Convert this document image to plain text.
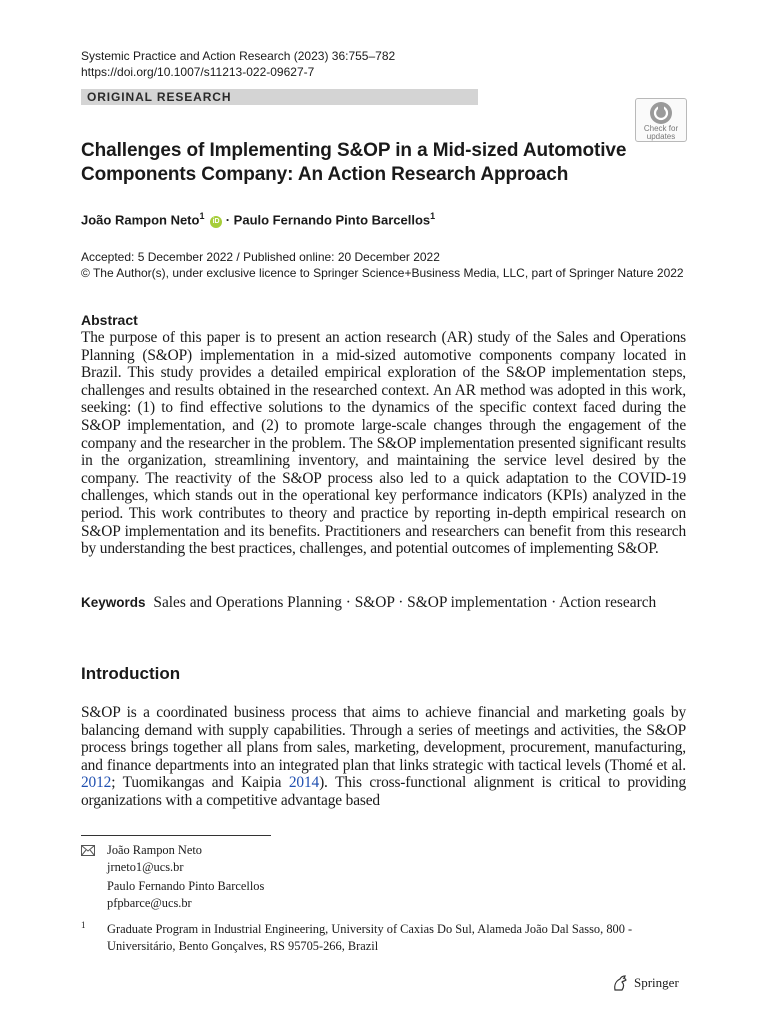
Systemic Practice and Action Research (2023) 36:755–782
https://doi.org/10.1007/s11213-022-09627-7
ORIGINAL RESEARCH
Check for
updates
Challenges of Implementing S&OP in a Mid-sized Automotive Components Company: An Action Research Approach
João Rampon Neto$^1$ iD · Paulo Fernando Pinto Barcellos$^1$
Accepted: 5 December 2022 / Published online: 20 December 2022
© The Author(s), under exclusive licence to Springer Science+Business Media, LLC, part of Springer Nature 2022
Abstract

The purpose of this paper is to present an action research (AR) study of the Sales and Operations Planning (S&OP) implementation in a mid-sized automotive components company located in Brazil. This study provides a detailed empirical exploration of the S&OP implementation steps, challenges and results obtained in the researched context. An AR method was adopted in this work, seeking: (1) to find effective solutions to the dynamics of the specific context faced during the S&OP implementation, and (2) to promote large-scale changes through the engagement of the company and the researcher in the problem. The S&OP implementation presented significant results in the organization, streamlining inventory, and maintaining the service level desired by the company. The reactivity of the S&OP process also led to a quick adaptation to the COVID-19 challenges, which stands out in the operational key performance indicators (KPIs) analyzed in the period. This work contributes to theory and practice by reporting in-depth empirical research on S&OP implementation and its benefits. Practitioners and researchers can benefit from this research by understanding the best practices, challenges, and potential outcomes of implementing S&OP.

Keywords Sales and Operations Planning · S&OP · S&OP implementation · Action research

Introduction

S&OP is a coordinated business process that aims to achieve financial and marketing goals by balancing demand with supply capabilities. Through a series of meetings and activities, the S&OP process brings together all plans from sales, marketing, development, procurement, manufacturing, and finance departments into an integrated plan that links strategic with tactical levels (Thomé et al. 2012; Tuomikangas and Kaipia 2014). This cross-functional alignment is critical to providing organizations with a competitive advantage based

João Rampon Neto
jrneto1@ucs.br
Paulo Fernando Pinto Barcellos
pfpbarce@ucs.br
1 Graduate Program in Industrial Engineering, University of Caxias Do Sul, Alameda João Dal Sasso, 800 - Universitário, Bento Gonçalves, RS 95705-266, Brazil
Springer
